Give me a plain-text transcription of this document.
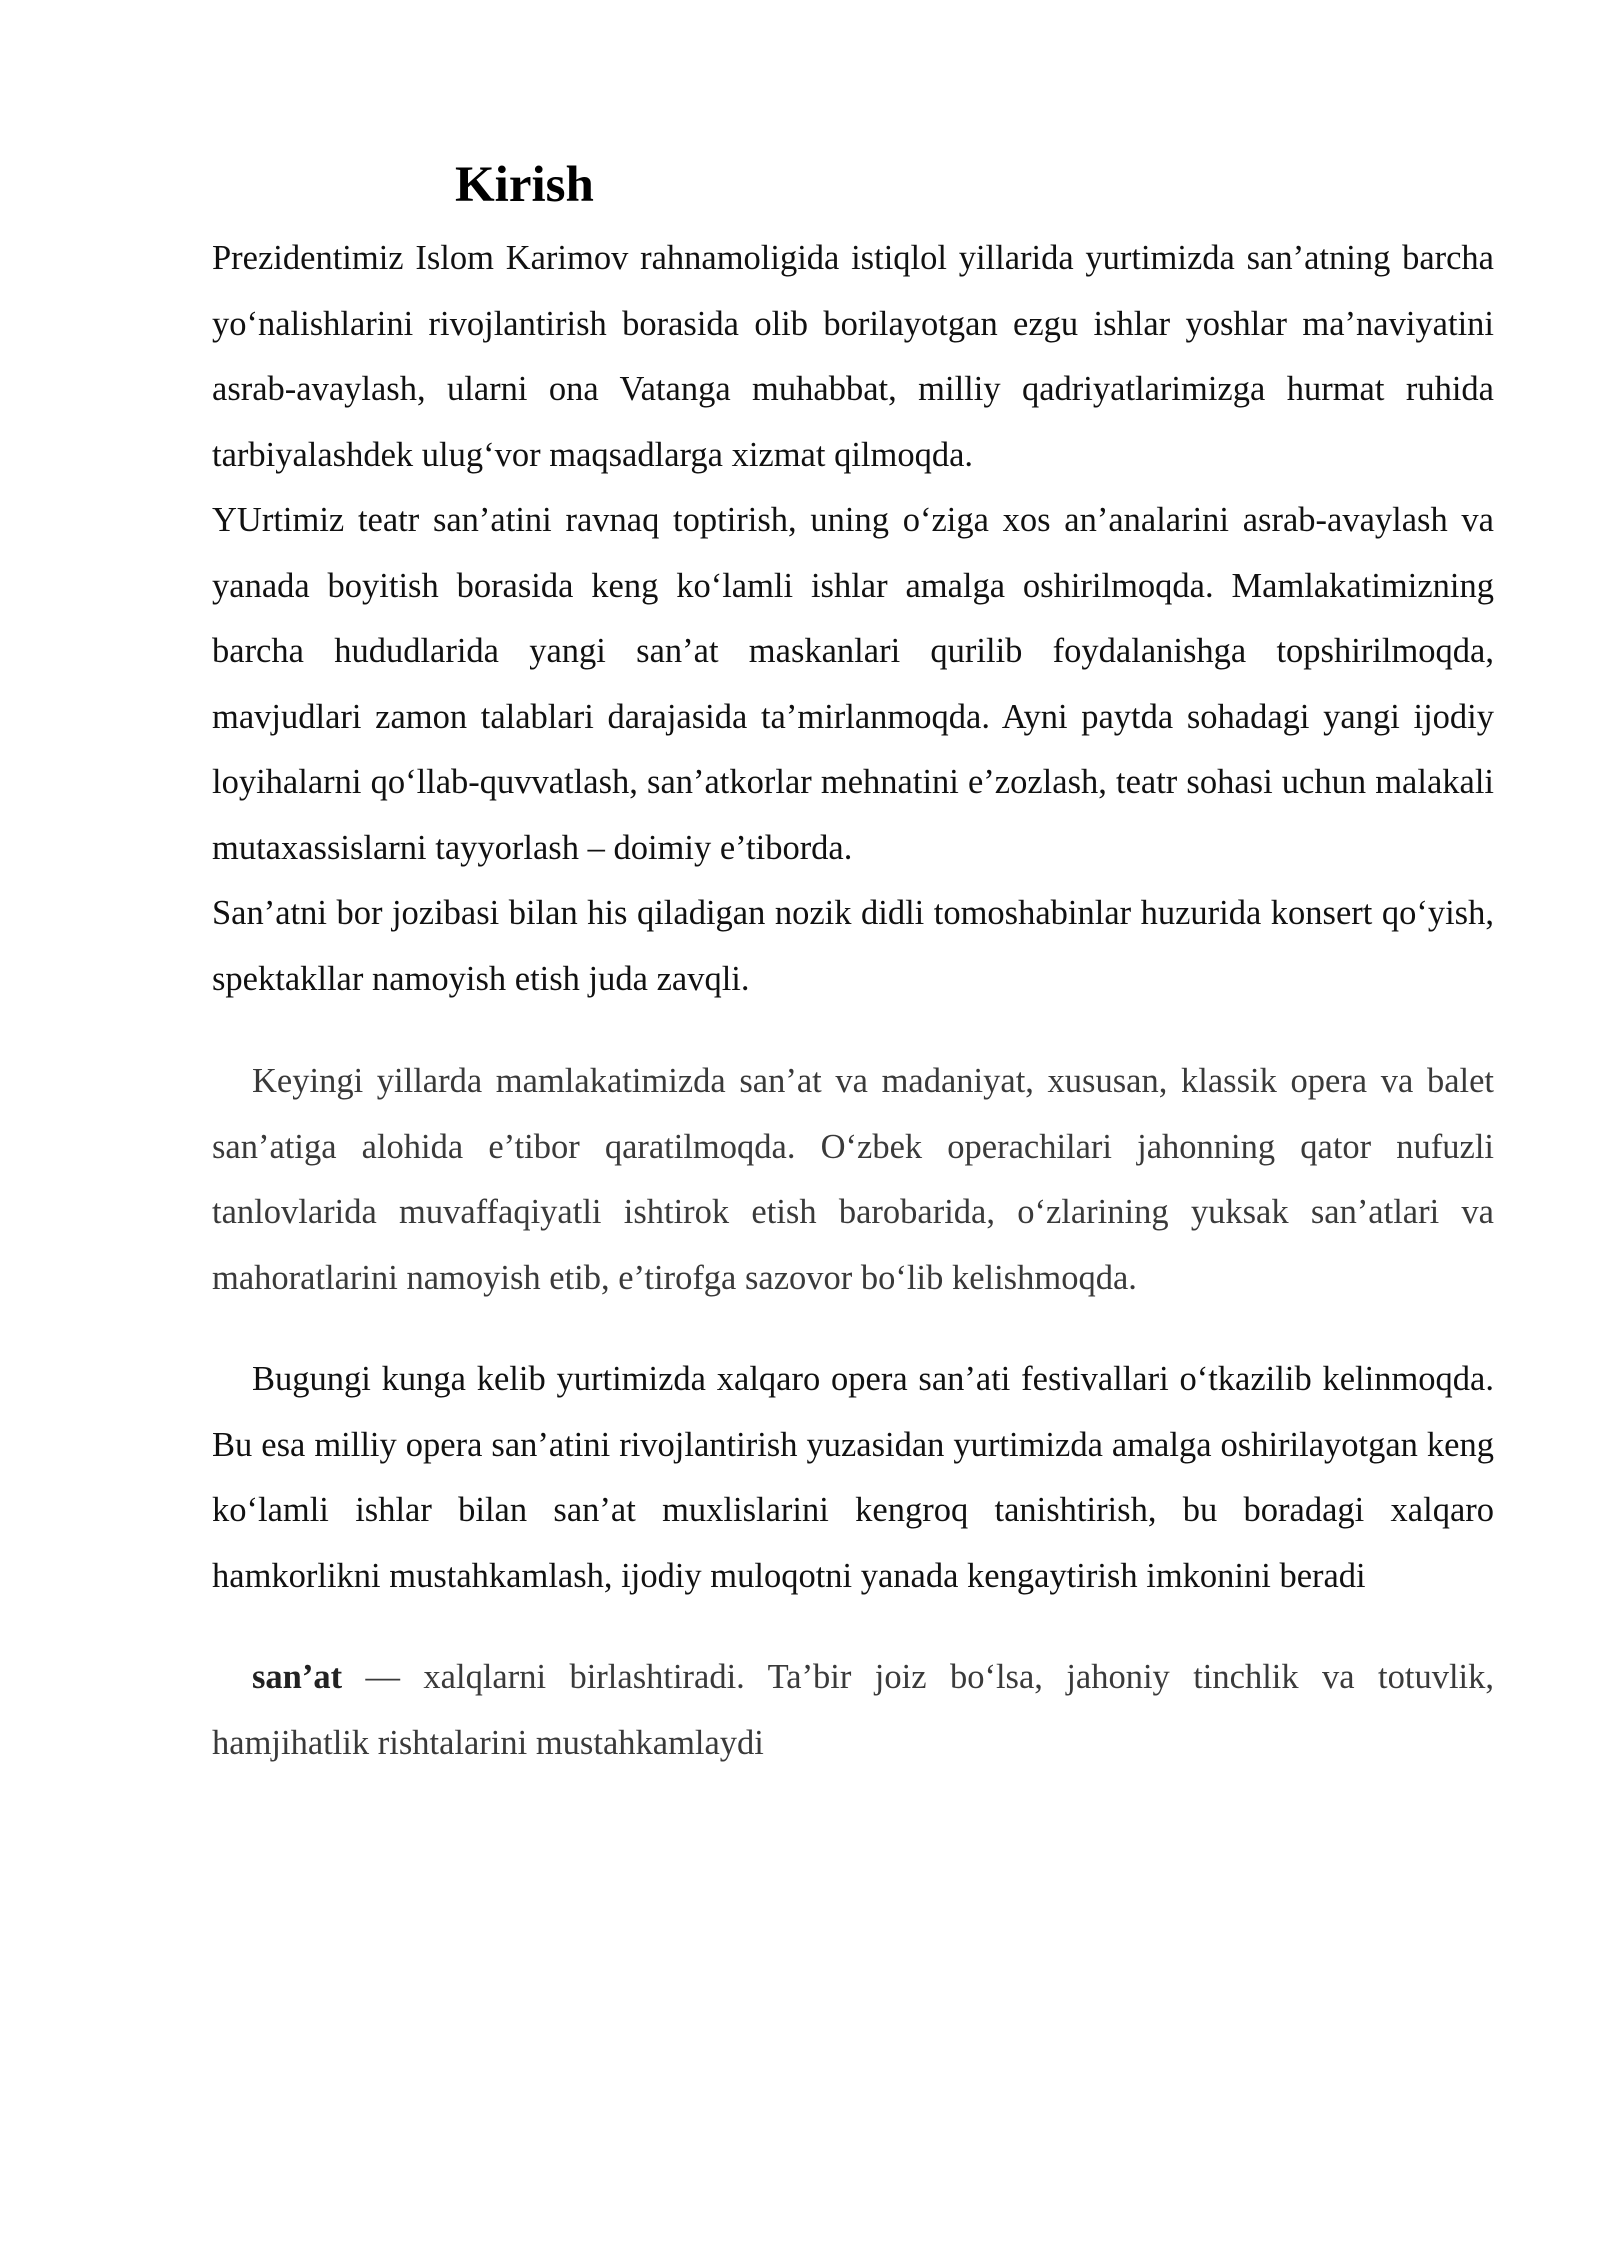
Kirish

Prezidentimiz Islom Karimov rahnamoligida istiqlol yillarida yurtimizda san’atning barcha yo‘nalishlarini rivojlantirish borasida olib borilayotgan ezgu ishlar yoshlar ma’naviyatini asrab-avaylash, ularni ona Vatanga muhabbat, milliy qadriyatlarimizga hurmat ruhida tarbiyalashdek ulug‘vor maqsadlarga xizmat qilmoqda.

YUrtimiz teatr san’atini ravnaq toptirish, uning o‘ziga xos an’analarini asrab-avaylash va yanada boyitish borasida keng ko‘lamli ishlar amalga oshirilmoqda. Mamlakatimizning barcha hududlarida yangi san’at maskanlari qurilib foydalanishga topshirilmoqda, mavjudlari zamon talablari darajasida ta’mirlanmoqda. Ayni paytda sohadagi yangi ijodiy loyihalarni qo‘llab-quvvatlash, san’atkorlar mehnatini e’zozlash, teatr sohasi uchun malakali mutaxassislarni tayyorlash – doimiy e’tiborda.

San’atni bor jozibasi bilan his qiladigan nozik didli tomoshabinlar huzurida konsert qo‘yish, spektakllar namoyish etish juda zavqli.

Keyingi yillarda mamlakatimizda san’at va madaniyat, xususan, klassik opera va balet san’atiga alohida e’tibor qaratilmoqda. O‘zbek operachilari jahonning qator nufuzli tanlovlarida muvaffaqiyatli ishtirok etish barobarida, o‘zlarining yuksak san’atlari va mahoratlarini namoyish etib, e’tirofga sazovor bo‘lib kelishmoqda.

Bugungi kunga kelib yurtimizda xalqaro opera san’ati festivallari o‘tkazilib kelinmoqda. Bu esa milliy opera san’atini rivojlantirish yuzasidan yurtimizda amalga oshirilayotgan keng ko‘lamli ishlar bilan san’at muxlislarini kengroq tanishtirish, bu boradagi xalqaro hamkorlikni mustahkamlash, ijodiy muloqotni yanada kengaytirish imkonini beradi

san’at — xalqlarni birlashtiradi. Ta’bir joiz bo‘lsa, jahoniy tinchlik va totuvlik, hamjihatlik rishtalarini mustahkamlaydi
